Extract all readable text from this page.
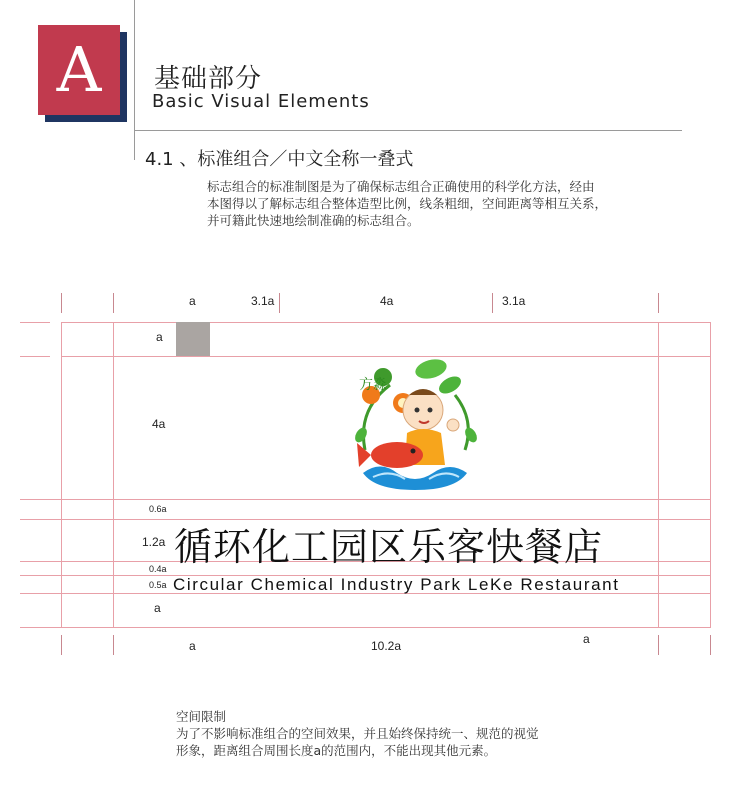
A	基础部分
Basic Visual Elements
4.1 、标准组合／中文全称一叠式
标志组合的标准制图是为了确保标志组合正确使用的科学化方法，经由
本图得以了解标志组合整体造型比例，线条粗细，空间距离等相互关系，
并可籍此快速地绘制准确的标志组合。
a	3.1a	4a	3.1a
a
4a
0.6a
1.2a
0.4a
0.5a
a
a	10.2a	a
方淼
循环化工园区乐客快餐店
Circular Chemical Industry Park LeKe Restaurant
空间限制
为了不影响标准组合的空间效果，并且始终保持统一、规范的视觉
形象，距离组合周围长度a的范围内，不能出现其他元素。
